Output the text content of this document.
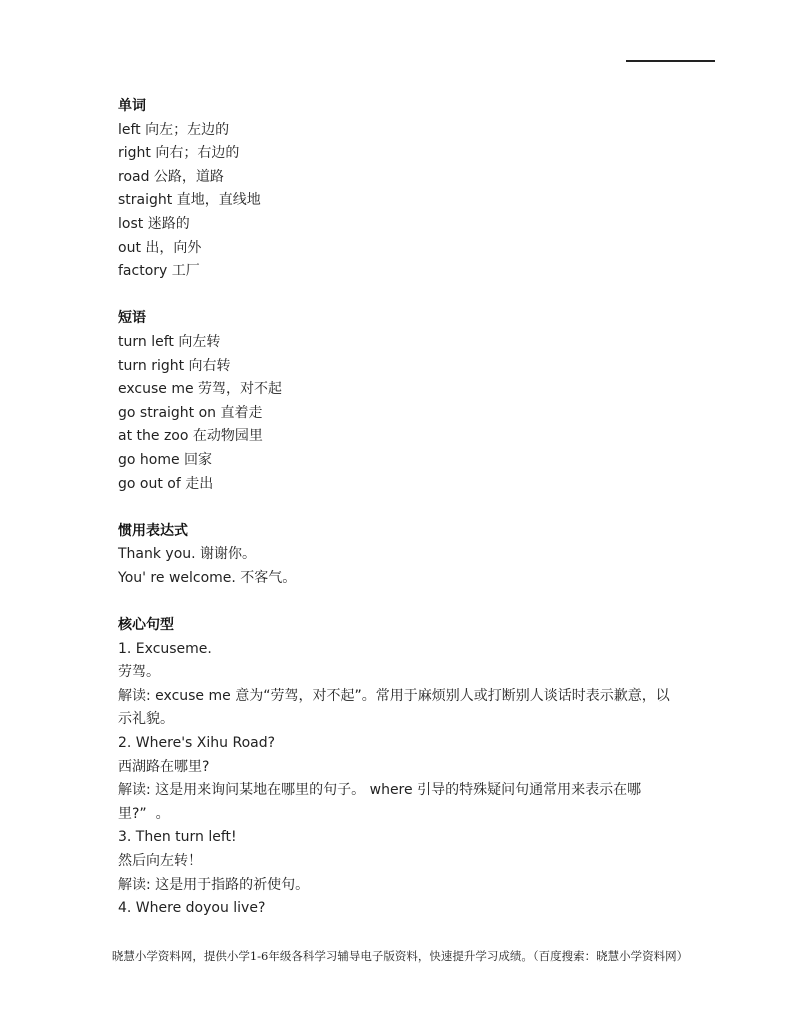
单词
left 向左；左边的
right 向右；右边的
road 公路，道路
straight 直地，直线地
lost 迷路的
out 出，向外
factory 工厂
短语
turn left 向左转
turn right 向右转
excuse me 劳驾，对不起
go straight on 直着走
at the zoo 在动物园里
go home 回家
go out of 走出
惯用表达式
Thank you. 谢谢你。
You' re welcome. 不客气。
核心句型
1. Excuseme.
劳驾。
解读: excuse me 意为“劳驾，对不起”。常用于麻烦别人或打断别人谈话时表示歉意，以
示礼貌。
2. Where's Xihu Road?
西湖路在哪里?
解读: 这是用来询问某地在哪里的句子。 where 引导的特殊疑问句通常用来表示在哪
里?”  。
3. Then turn left!
然后向左转！
解读: 这是用于指路的祈使句。
4. Where doyou live?
晓慧小学资料网，提供小学1-6年级各科学习辅导电子版资料，快速提升学习成绩。（百度搜索：晓慧小学资料网）
